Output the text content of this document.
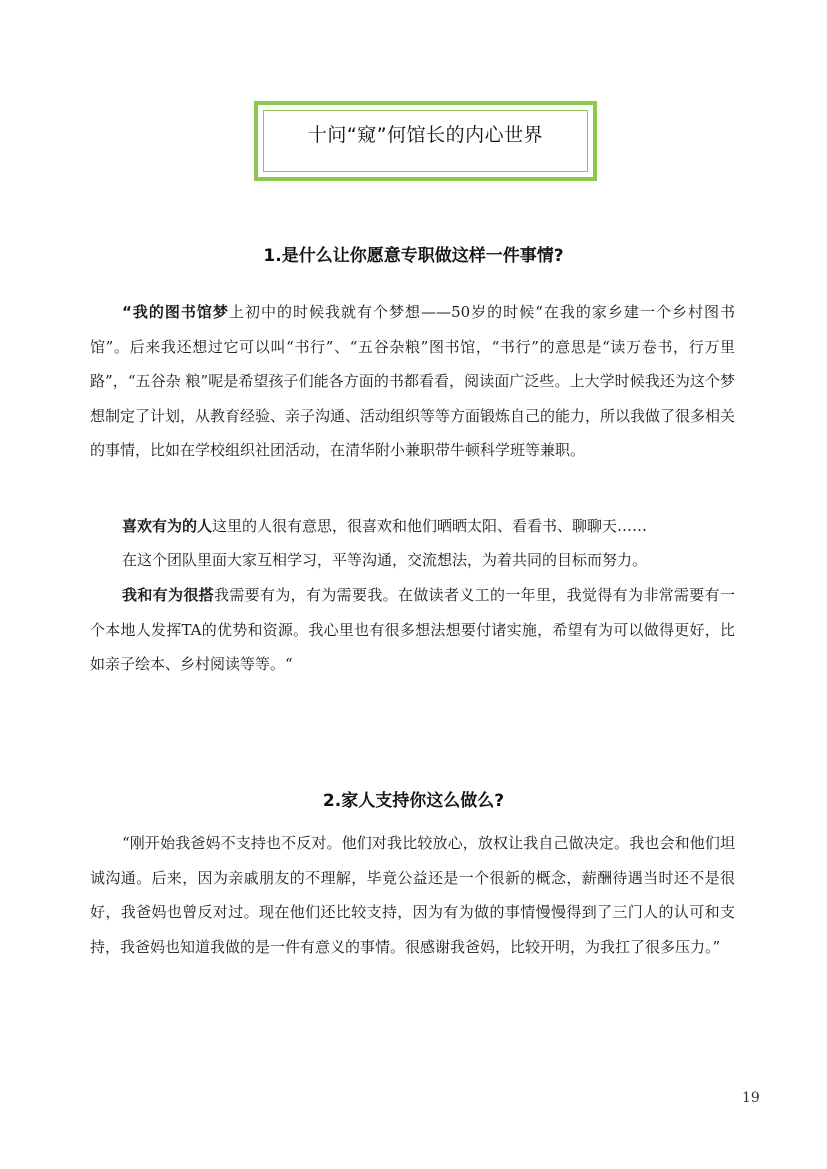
十问“窥”何馆长的内心世界
1.是什么让你愿意专职做这样一件事情?

“我的图书馆梦上初中的时候我就有个梦想——50岁的时候“在我的家乡建一个乡村图书馆”。后来我还想过它可以叫“书行”、“五谷杂粮”图书馆，“书行”的意思是“读万卷书，行万里路”，“五谷杂 粮”呢是希望孩子们能各方面的书都看看，阅读面广泛些。上大学时候我还为这个梦想制定了计划，从教育经验、亲子沟通、活动组织等等方面锻炼自己的能力，所以我做了很多相关的事情，比如在学校组织社团活动，在清华附小兼职带牛顿科学班等兼职。

喜欢有为的人这里的人很有意思，很喜欢和他们晒晒太阳、看看书、聊聊天……

在这个团队里面大家互相学习，平等沟通，交流想法，为着共同的目标而努力。

我和有为很搭我需要有为，有为需要我。在做读者义工的一年里，我觉得有为非常需要有一个本地人发挥TA的优势和资源。我心里也有很多想法想要付诸实施，希望有为可以做得更好，比如亲子绘本、乡村阅读等等。“

2.家人支持你这么做么?

“刚开始我爸妈不支持也不反对。他们对我比较放心，放权让我自己做决定。我也会和他们坦诚沟通。后来，因为亲戚朋友的不理解，毕竟公益还是一个很新的概念，薪酬待遇当时还不是很好，我爸妈也曾反对过。现在他们还比较支持，因为有为做的事情慢慢得到了三门人的认可和支持，我爸妈也知道我做的是一件有意义的事情。很感谢我爸妈，比较开明，为我扛了很多压力。”

19
